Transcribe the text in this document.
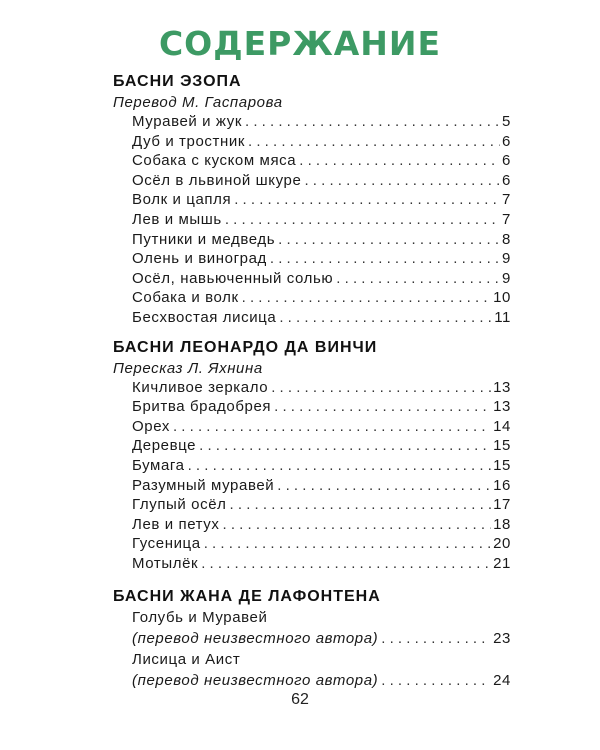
СОДЕРЖАНИЕ
БАСНИ ЭЗОПА
Перевод М. Гаспарова
Муравей и жук . . .	5
Дуб и тростник . . .	6
Собака с куском мяса . . .	6
Осёл в львиной шкуре . . .	6
Волк и цапля . . .	7
Лев и мышь . . .	7
Путники и медведь . . .	8
Олень и виноград . . .	9
Осёл, навьюченный солью . . .	9
Собака и волк . . .	10
Бесхвостая лисица . . .	11
БАСНИ ЛЕОНАРДО ДА ВИНЧИ
Пересказ Л. Яхнина
Кичливое зеркало . . .	13
Бритва брадобрея . . .	13
Орех . . .	14
Деревце . . .	15
Бумага . . .	15
Разумный муравей . . .	16
Глупый осёл . . .	17
Лев и петух . . .	18
Гусеница . . .	20
Мотылёк . . .	21
БАСНИ ЖАНА ДЕ ЛАФОНТЕНА
Голубь и Муравей
(перевод неизвестного автора) . . .	23
Лисица и Аист
(перевод неизвестного автора) . . .	24
62
